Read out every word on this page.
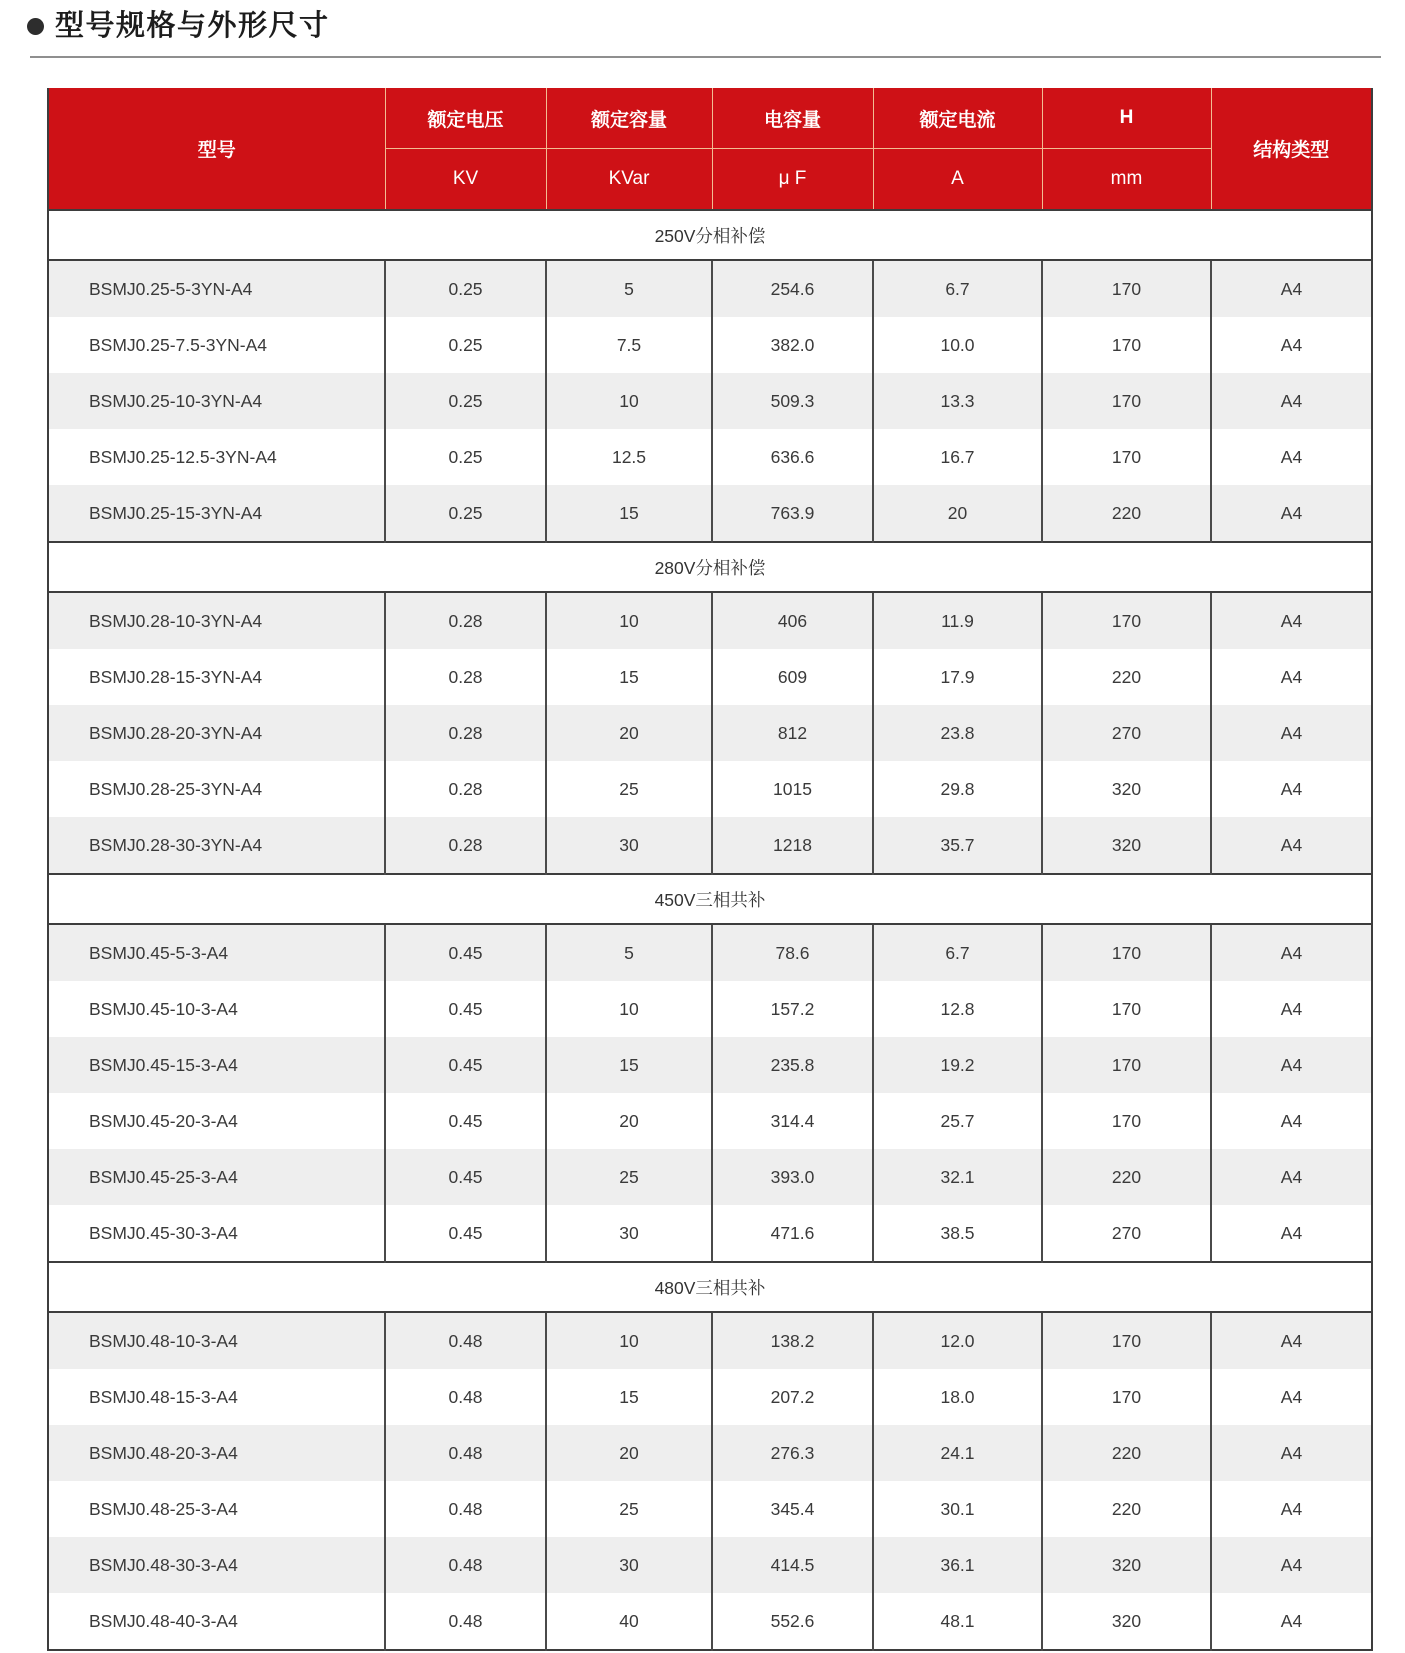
型号规格与外形尺寸
型号	额定电压	额定容量	电容量	额定电流	H	结构类型
	KV	KVar	μ F	A	mm	
250V分相补偿						
BSMJ0.25-5-3YN-A4	0.25	5	254.6	6.7	170	A4
BSMJ0.25-7.5-3YN-A4	0.25	7.5	382.0	10.0	170	A4
BSMJ0.25-10-3YN-A4	0.25	10	509.3	13.3	170	A4
BSMJ0.25-12.5-3YN-A4	0.25	12.5	636.6	16.7	170	A4
BSMJ0.25-15-3YN-A4	0.25	15	763.9	20	220	A4
280V分相补偿						
BSMJ0.28-10-3YN-A4	0.28	10	406	11.9	170	A4
BSMJ0.28-15-3YN-A4	0.28	15	609	17.9	220	A4
BSMJ0.28-20-3YN-A4	0.28	20	812	23.8	270	A4
BSMJ0.28-25-3YN-A4	0.28	25	1015	29.8	320	A4
BSMJ0.28-30-3YN-A4	0.28	30	1218	35.7	320	A4
450V三相共补						
BSMJ0.45-5-3-A4	0.45	5	78.6	6.7	170	A4
BSMJ0.45-10-3-A4	0.45	10	157.2	12.8	170	A4
BSMJ0.45-15-3-A4	0.45	15	235.8	19.2	170	A4
BSMJ0.45-20-3-A4	0.45	20	314.4	25.7	170	A4
BSMJ0.45-25-3-A4	0.45	25	393.0	32.1	220	A4
BSMJ0.45-30-3-A4	0.45	30	471.6	38.5	270	A4
480V三相共补						
BSMJ0.48-10-3-A4	0.48	10	138.2	12.0	170	A4
BSMJ0.48-15-3-A4	0.48	15	207.2	18.0	170	A4
BSMJ0.48-20-3-A4	0.48	20	276.3	24.1	220	A4
BSMJ0.48-25-3-A4	0.48	25	345.4	30.1	220	A4
BSMJ0.48-30-3-A4	0.48	30	414.5	36.1	320	A4
BSMJ0.48-40-3-A4	0.48	40	552.6	48.1	320	A4
